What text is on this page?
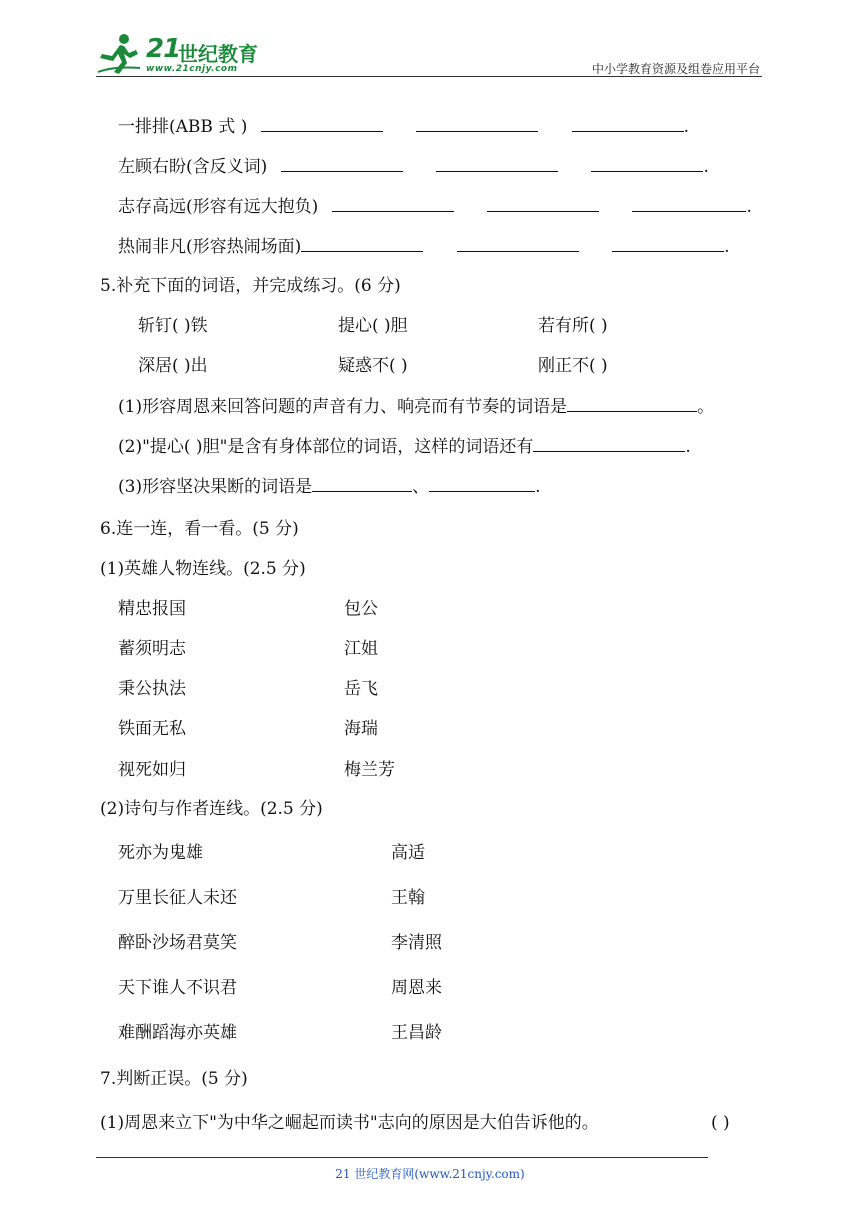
21
世纪教育
www.21cnjy.com	中小学教育资源及组卷应用平台
一排排(ABB 式 )	.
左顾右盼(含反义词)	.
志存高远(形容有远大抱负)	.
热闹非凡(形容热闹场面)	.
5.补充下面的词语，并完成练习。(6 分)
斩钉( )铁	提心( )胆	若有所( )
深居( )出	疑惑不( )	刚正不( )
(1)形容周恩来回答问题的声音有力、响亮而有节奏的词语是	。
(2)"提心( )胆"是含有身体部位的词语，这样的词语还有	.
(3)形容坚决果断的词语是	、	.
6.连一连，看一看。(5 分)
(1)英雄人物连线。(2.5 分)
精忠报国	包公
蓄须明志	江姐
秉公执法	岳飞
铁面无私	海瑞
视死如归	梅兰芳
(2)诗句与作者连线。(2.5 分)
死亦为鬼雄	高适
万里长征人未还	王翰
醉卧沙场君莫笑	李清照
天下谁人不识君	周恩来
难酬蹈海亦英雄	王昌龄
7.判断正误。(5 分)
(1)周恩来立下"为中华之崛起而读书"志向的原因是大伯告诉他的。	( )
21 世纪教育网(www.21cnjy.com)
